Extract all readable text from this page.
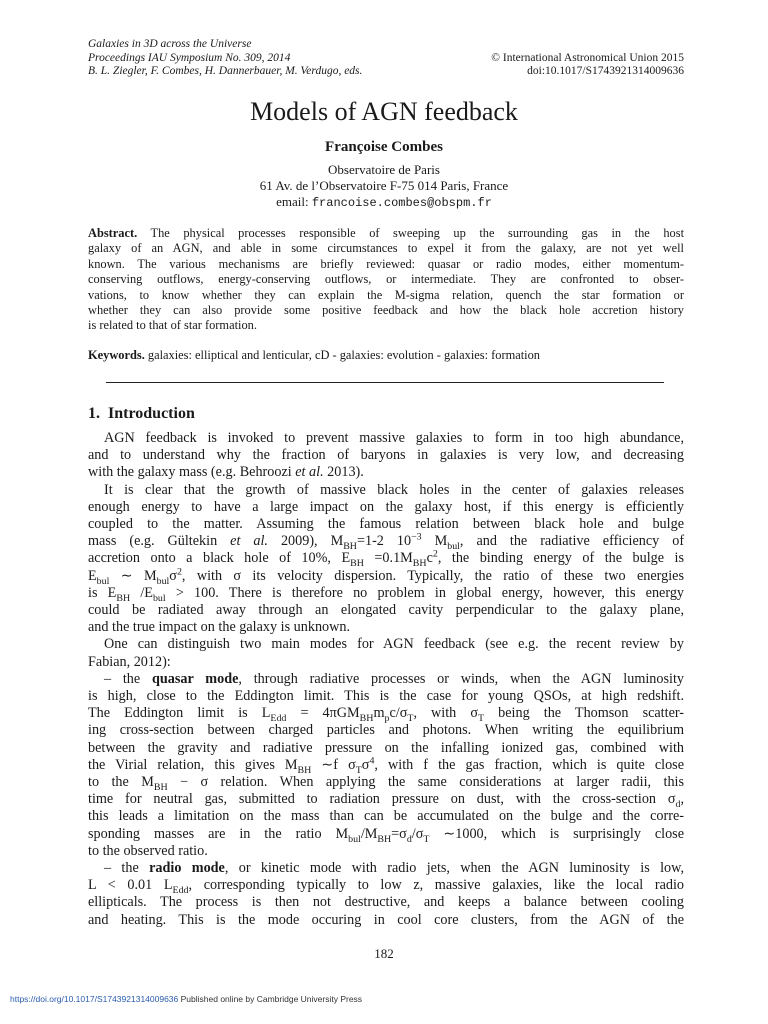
Galaxies in 3D across the Universe
Proceedings IAU Symposium No. 309, 2014	© International Astronomical Union 2015
B. L. Ziegler, F. Combes, H. Dannerbauer, M. Verdugo, eds.	doi:10.1017/S1743921314009636
Models of AGN feedback
Françoise Combes
Observatoire de Paris
61 Av. de l’Observatoire F-75 014 Paris, France
email: francoise.combes@obspm.fr
Abstract. The physical processes responsible of sweeping up the surrounding gas in the host
galaxy of an AGN, and able in some circumstances to expel it from the galaxy, are not yet well
known. The various mechanisms are briefly reviewed: quasar or radio modes, either momentum-
conserving outflows, energy-conserving outflows, or intermediate. They are confronted to obser-
vations, to know whether they can explain the M-sigma relation, quench the star formation or
whether they can also provide some positive feedback and how the black hole accretion history
is related to that of star formation.
Keywords. galaxies: elliptical and lenticular, cD - galaxies: evolution - galaxies: formation
1. Introduction
AGN feedback is invoked to prevent massive galaxies to form in too high abundance,
and to understand why the fraction of baryons in galaxies is very low, and decreasing
with the galaxy mass (e.g. Behroozi et al. 2013).
It is clear that the growth of massive black holes in the center of galaxies releases
enough energy to have a large impact on the galaxy host, if this energy is efficiently
coupled to the matter. Assuming the famous relation between black hole and bulge
mass (e.g. Gültekin et al. 2009), $M_{BH}=1-2$ $10^{-3}$ $M_{bul}$, and the radiative efficiency of
accretion onto a black hole of 10%, $E_{BH} =0.1M_{BH}c^2$, the binding energy of the bulge is
$E_{bul}$ ∼ $M_{bul}\sigma^2$, with σ its velocity dispersion. Typically, the ratio of these two energies
is $E_{BH}$ $/E_{bul} > 100$. There is therefore no problem in global energy, however, this energy
could be radiated away through an elongated cavity perpendicular to the galaxy plane,
and the true impact on the galaxy is unknown.
One can distinguish two main modes for AGN feedback (see e.g. the recent review by
Fabian, 2012):
– the quasar mode, through radiative processes or winds, when the AGN luminosity
is high, close to the Eddington limit. This is the case for young QSOs, at high redshift.
The Eddington limit is $L_{Edd} = 4\pi GM_{BH}m_pc/\sigma_T$, with $\sigma_T$ being the Thomson scatter-
ing cross-section between charged particles and photons. When writing the equilibrium
between the gravity and radiative pressure on the infalling ionized gas, combined with
the Virial relation, this gives $M_{BH}$ ∼f $\sigma_T\sigma^4$, with f the gas fraction, which is quite close
to the $M_{BH} - \sigma$ relation. When applying the same considerations at larger radii, this
time for neutral gas, submitted to radiation pressure on dust, with the cross-section $\sigma_d$,
this leads a limitation on the mass than can be accumulated on the bulge and the corre-
sponding masses are in the ratio $M_{bul}/M_{BH}=\sigma_d/\sigma_T$ ∼1000, which is surprisingly close
to the observed ratio.
– the radio mode, or kinetic mode with radio jets, when the AGN luminosity is low,
L < 0.01 $L_{Edd}$, corresponding typically to low z, massive galaxies, like the local radio
ellipticals. The process is then not destructive, and keeps a balance between cooling
and heating. This is the mode occuring in cool core clusters, from the AGN of the
182
https://doi.org/10.1017/S1743921314009636 Published online by Cambridge University Press
